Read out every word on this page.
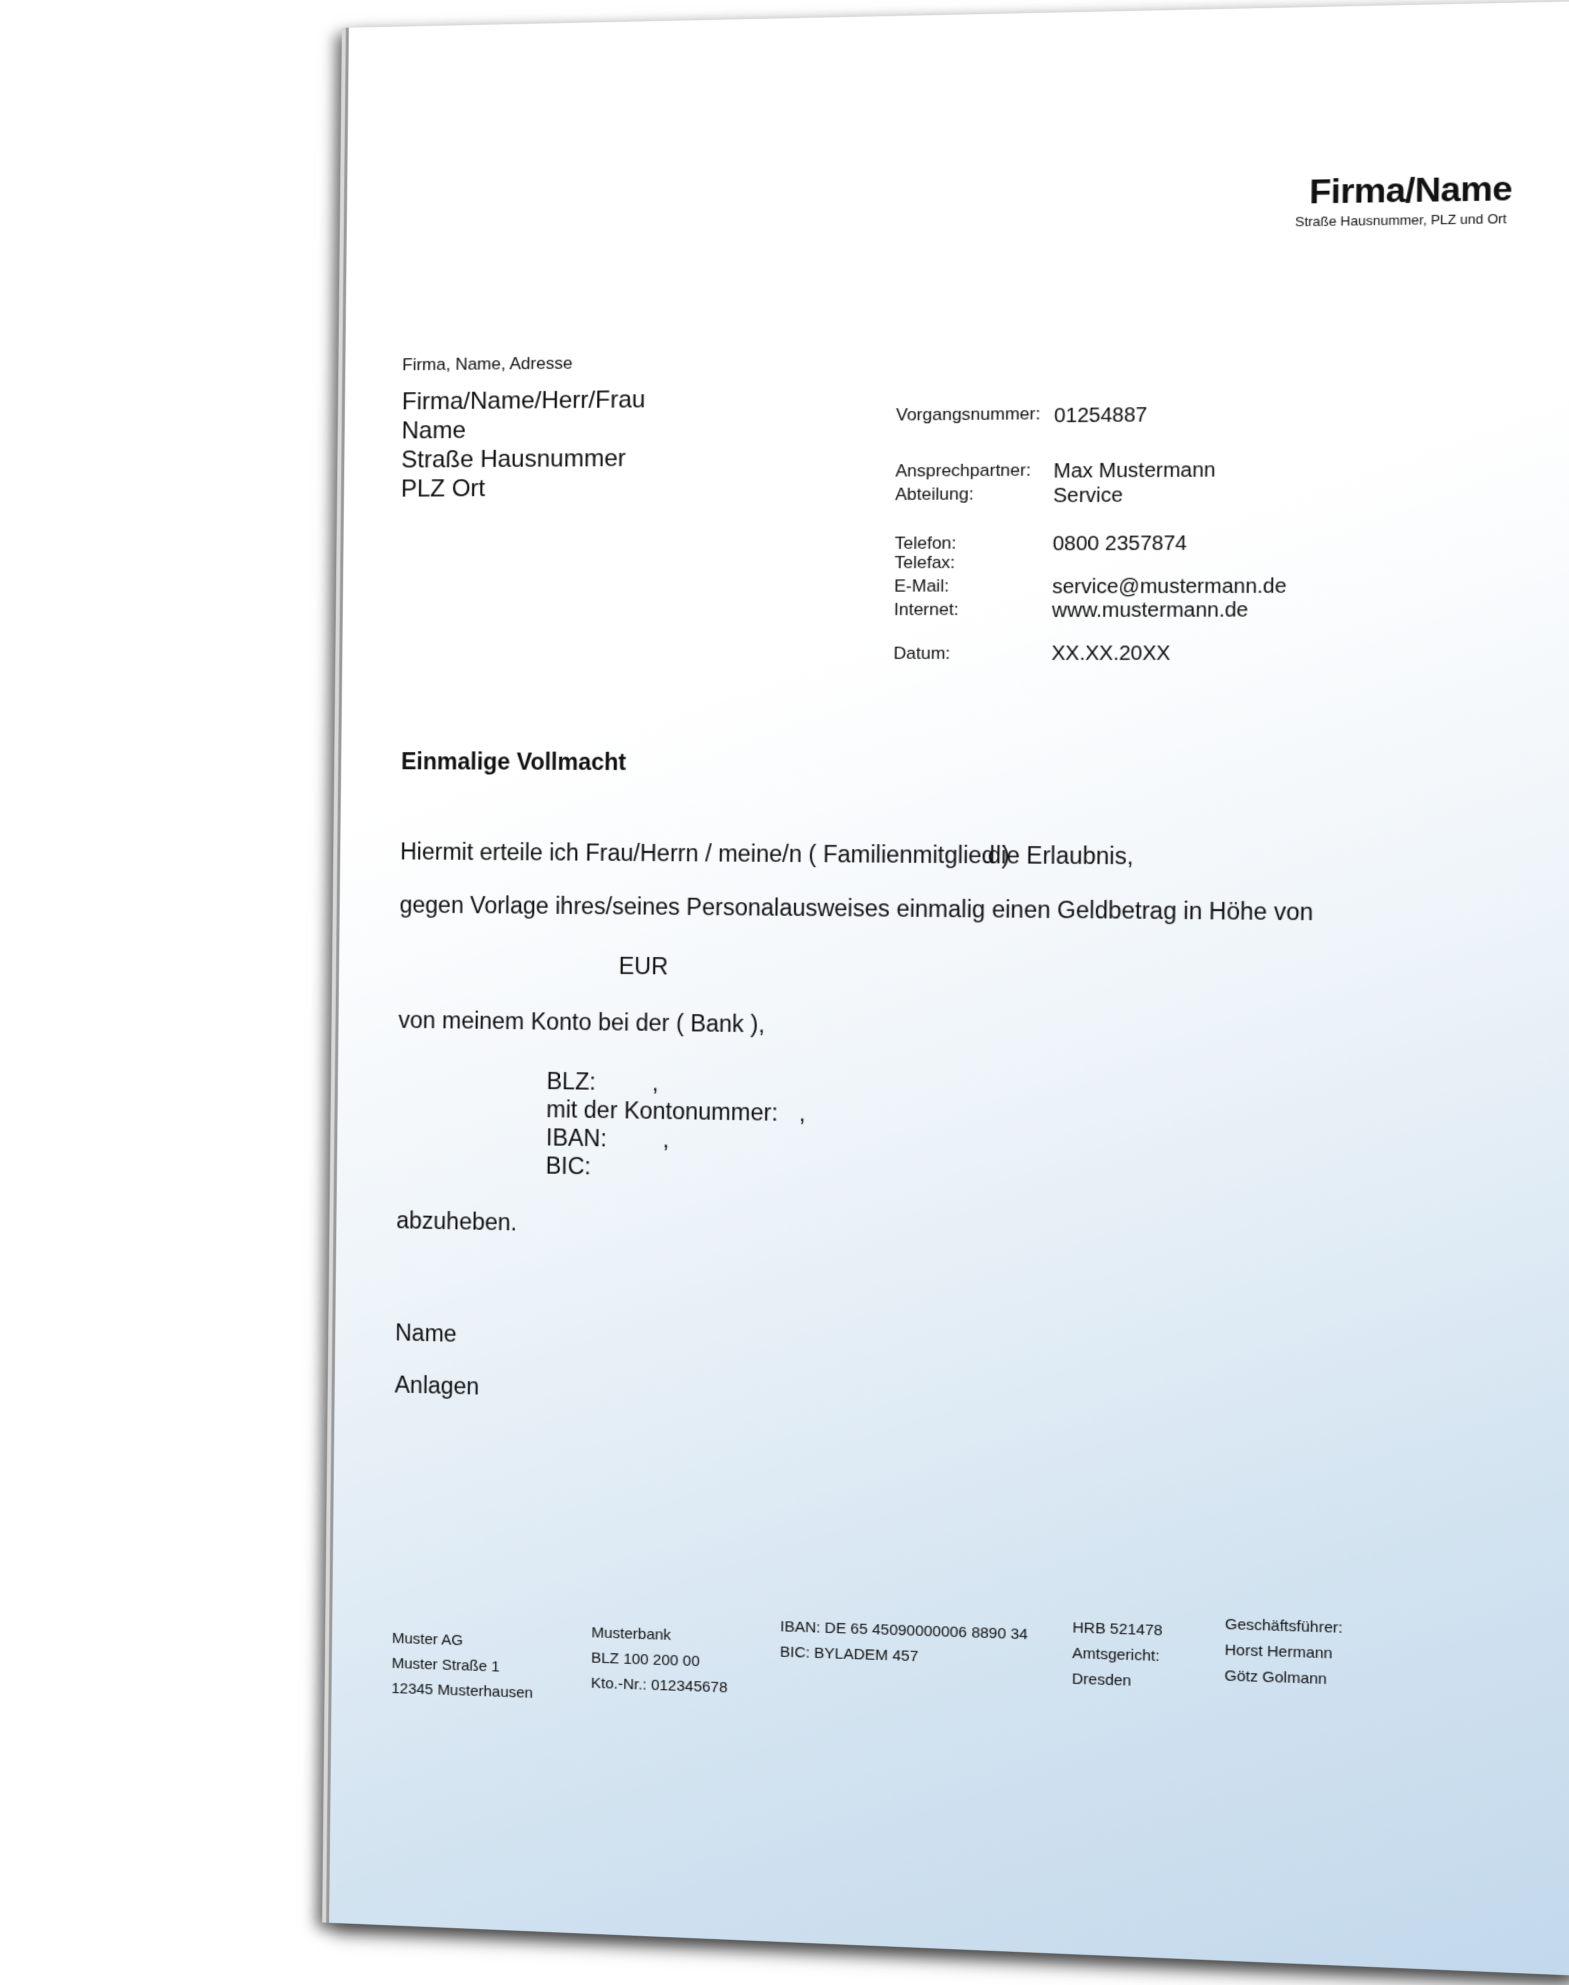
Firma/Name
Straße Hausnummer, PLZ und Ort
Firma, Name, Adresse
Firma/Name/Herr/Frau
Name
Straße Hausnummer
PLZ Ort
Vorgangsnummer: 01254887
Ansprechpartner: Max Mustermann
Abteilung:	Service
Telefon:	0800 2357874
Telefax:
E-Mail:	service@mustermann.de
Internet:	www.mustermann.de
Datum:	XX.XX.20XX
Einmalige Vollmacht
Hiermit erteile ich Frau/Herrn / meine/n ( Familienmitglied )
die Erlaubnis,
gegen Vorlage ihres/seines Personalausweises einmalig einen Geldbetrag in Höhe von
EUR
von meinem Konto bei der ( Bank ),
BLZ: ,
mit der Kontonummer: ,
IBAN: ,
BIC:
abzuheben.
Name
Anlagen
Muster AG
Muster Straße 1
12345 Musterhausen
Musterbank
BLZ 100 200 00
Kto.-Nr.: 012345678
IBAN: DE 65 45090000006 8890 34
BIC: BYLADEM 457
HRB 521478
Amtsgericht:
Dresden
Geschäftsführer:
Horst Hermann
Götz Golmann
